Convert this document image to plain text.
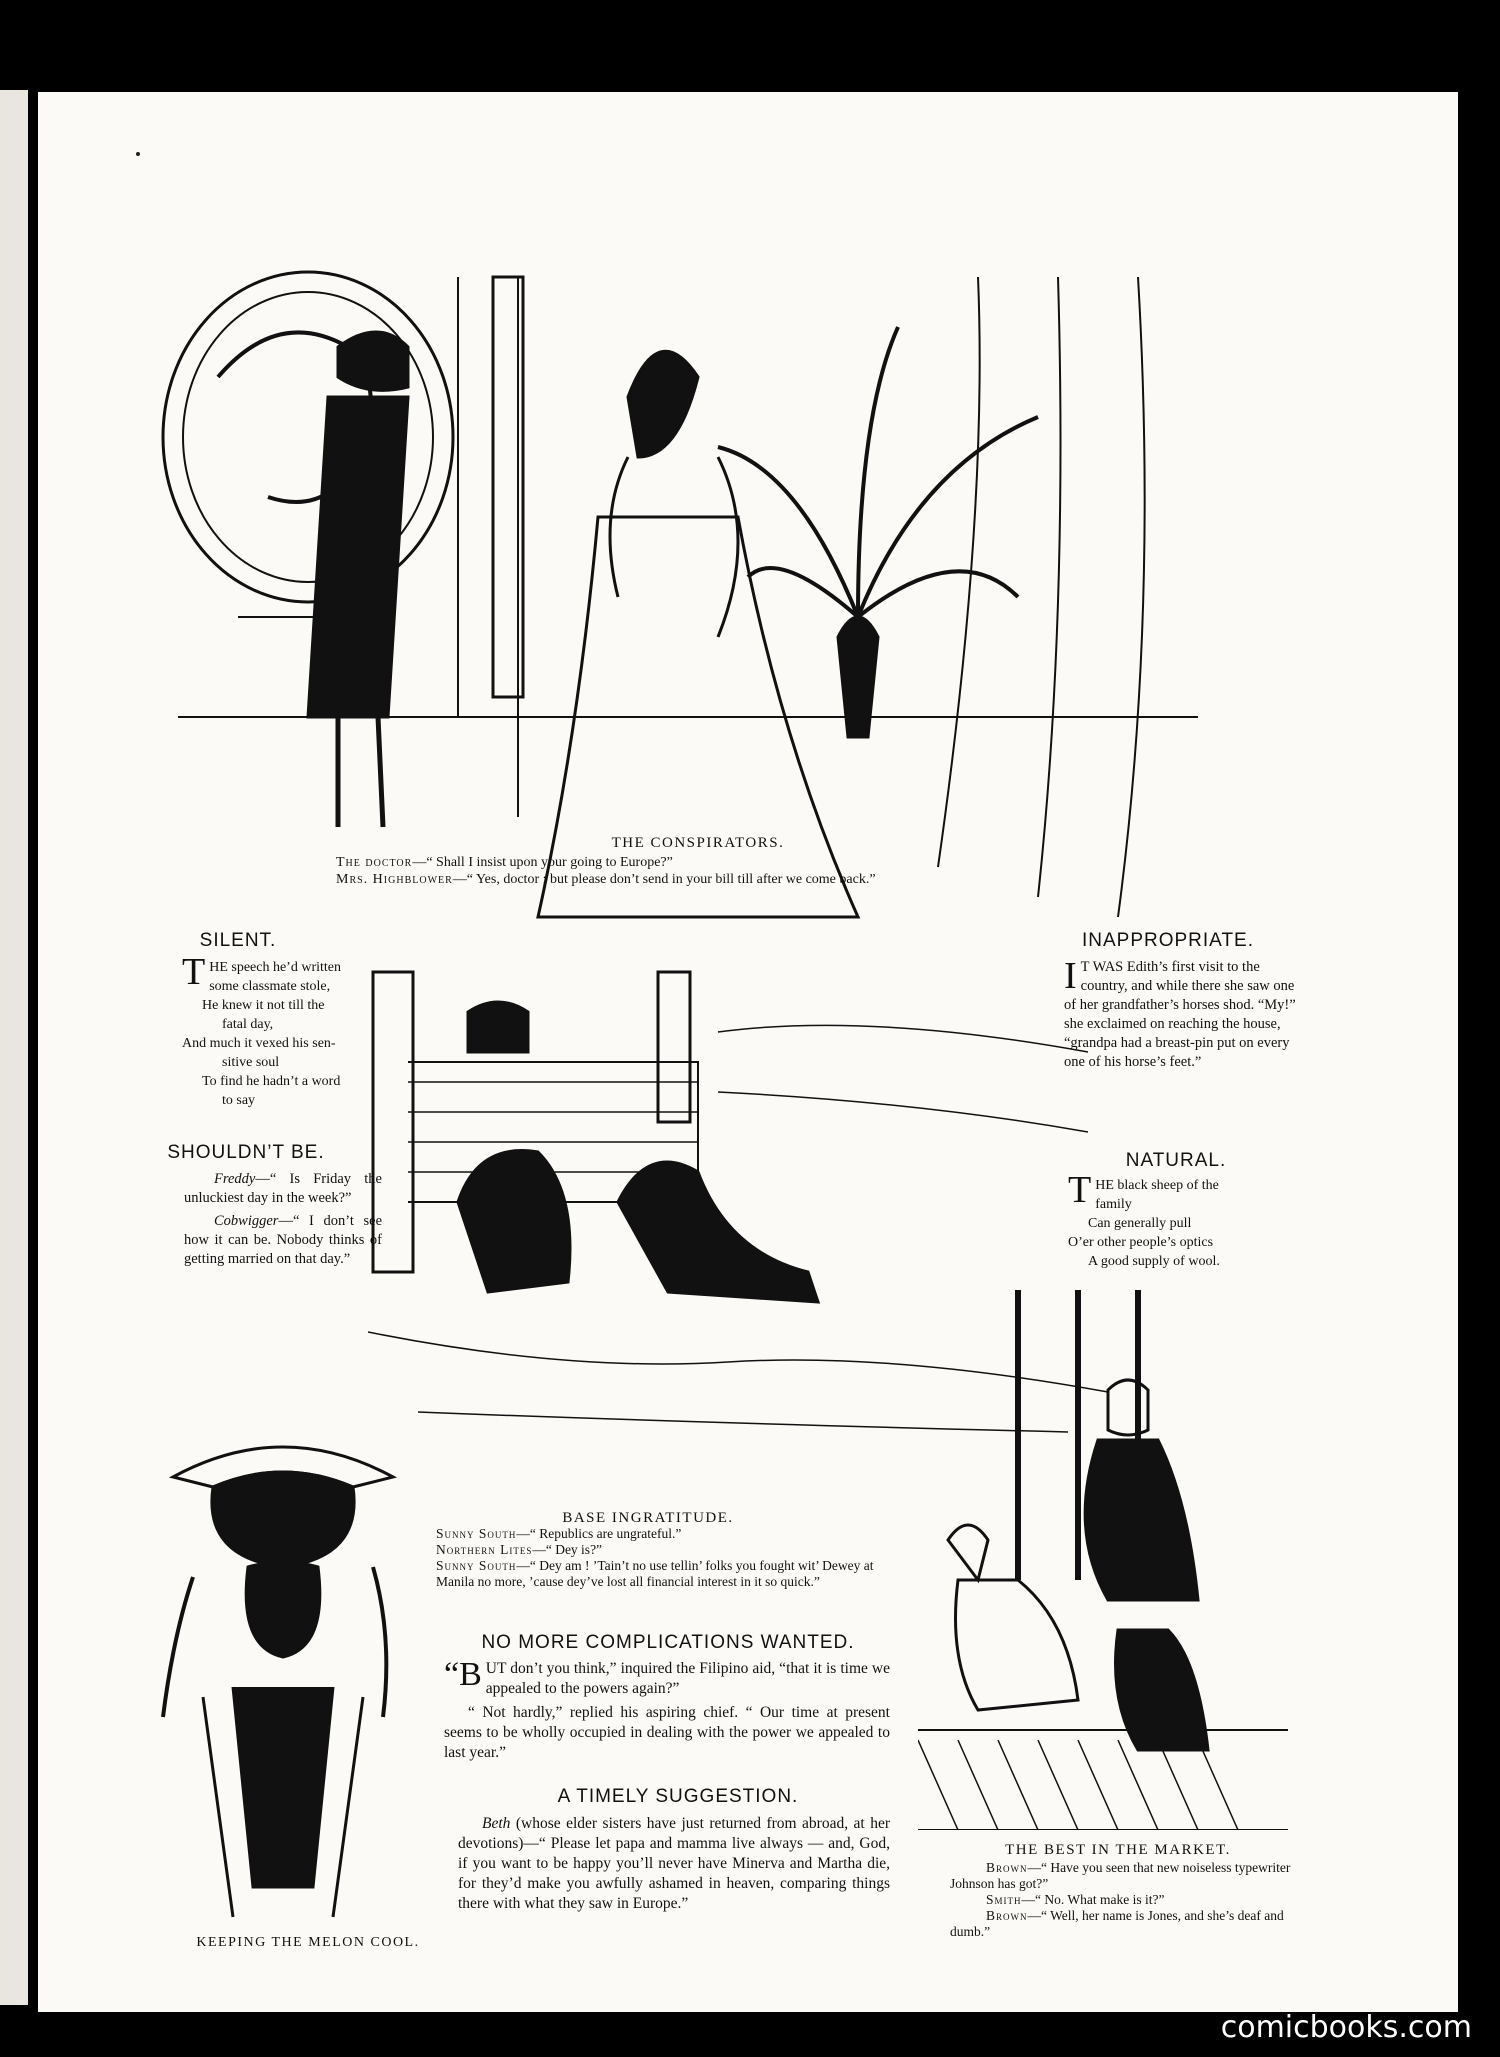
THE CONSPIRATORS.
The doctor—“ Shall I insist upon your going to Europe?”
Mrs. Highblower—“ Yes, doctor ; but please don’t send in your bill till after we come back.”
SILENT.
T HE speech he’d written
some classmate stole,
He knew it not till the
fatal day,
And much it vexed his sen-
sitive soul
To find he hadn’t a word
to say
SHOULDN’T BE.

Freddy—“ Is Friday the unluckiest day in the week?”

Cobwigger—“ I don’t see how it can be. Nobody thinks of getting married on that day.”

INAPPROPRIATE.
I T WAS Edith’s first visit to the country, and while there she saw one of her grandfather’s horses shod. “My!” she exclaimed on reaching the house, “grandpa had a breast-pin put on every one of his horse’s feet.”
NATURAL.
T HE black sheep of the
family
Can generally pull
O’er other people’s optics
A good supply of wool.
BASE INGRATITUDE.
Sunny South—“ Republics are ungrateful.”
Northern Lites—“ Dey is?”
Sunny South—“ Dey am ! ’Tain’t no use tellin’ folks you fought wit’ Dewey at Manila no more, ’cause dey’ve lost all financial interest in it so quick.”
NO MORE COMPLICATIONS WANTED.

“BUT don’t you think,” inquired the Filipino aid, “that it is time we appealed to the powers again?”

“ Not hardly,” replied his aspiring chief. “ Our time at present seems to be wholly occupied in dealing with the power we appealed to last year.”

A TIMELY SUGGESTION.

Beth (whose elder sisters have just returned from abroad, at her devotions)—“ Please let papa and mamma live always — and, God, if you want to be happy you’ll never have Minerva and Martha die, for they’d make you awfully ashamed in heaven, comparing things there with what they saw in Europe.”

KEEPING THE MELON COOL.
THE BEST IN THE MARKET.
Brown—“ Have you seen that new noiseless typewriter Johnson has got?”
Smith—“ No. What make is it?”
Brown—“ Well, her name is Jones, and she’s deaf and dumb.”
comicbooks.com
